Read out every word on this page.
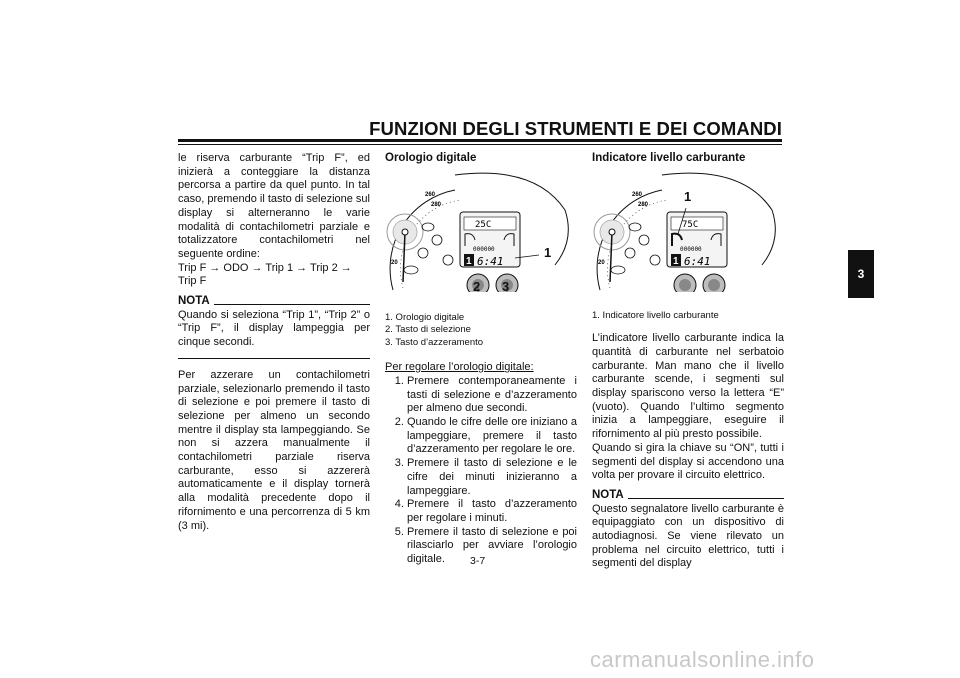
FUNZIONI DEGLI STRUMENTI E DEI COMANDI
3

le riserva carburante “Trip F”, ed inizierà a conteggiare la distanza percorsa a partire da quel punto. In tal caso, premendo il tasto di selezione sul display si alterneranno le varie modalità di contachilometri parziale e totalizzatore contachilometri nel seguente ordine:

Trip F → ODO → Trip 1 → Trip 2 → Trip F

NOTA

Quando si seleziona “Trip 1”, “Trip 2” o “Trip F”, il display lampeggia per cinque secondi.

Per azzerare un contachilometri parziale, selezionarlo premendo il tasto di selezione e poi premere il tasto di selezione per almeno un secondo mentre il display sta lampeggiando. Se non si azzera manualmente il contachilometri parziale riserva carburante, esso si azzererà automaticamente e il display tornerà alla modalità precedente dopo il rifornimento e una percorrenza di 5 km (3 mi).

Orologio digitale
260
280
20
25C
000000
1 6:41
1
2 3
1. Orologio digitale
2. Tasto di selezione
3. Tasto d’azzeramento
Per regolare l’orologio digitale:
1. Premere contemporaneamente i tasti di selezione e d’azzeramento per almeno due secondi.
2. Quando le cifre delle ore iniziano a lampeggiare, premere il tasto d’azzeramento per regolare le ore.
3. Premere il tasto di selezione e le cifre dei minuti inizieranno a lampeggiare.
4. Premere il tasto d’azzeramento per regolare i minuti.
5. Premere il tasto di selezione e poi rilasciarlo per avviare l’orologio digitale.
Indicatore livello carburante
260
280
20
75C
000000
1 6:41
1
1. Indicatore livello carburante

L’indicatore livello carburante indica la quantità di carburante nel serbatoio carburante. Man mano che il livello carburante scende, i segmenti sul display spariscono verso la lettera “E” (vuoto). Quando l’ultimo segmento inizia a lampeggiare, eseguire il rifornimento al più presto possibile.

Quando si gira la chiave su “ON”, tutti i segmenti del display si accendono una volta per provare il circuito elettrico.

NOTA

Questo segnalatore livello carburante è equipaggiato con un dispositivo di autodiagnosi. Se viene rilevato un problema nel circuito elettrico, tutti i segmenti del display

3-7
carmanualsonline.info
